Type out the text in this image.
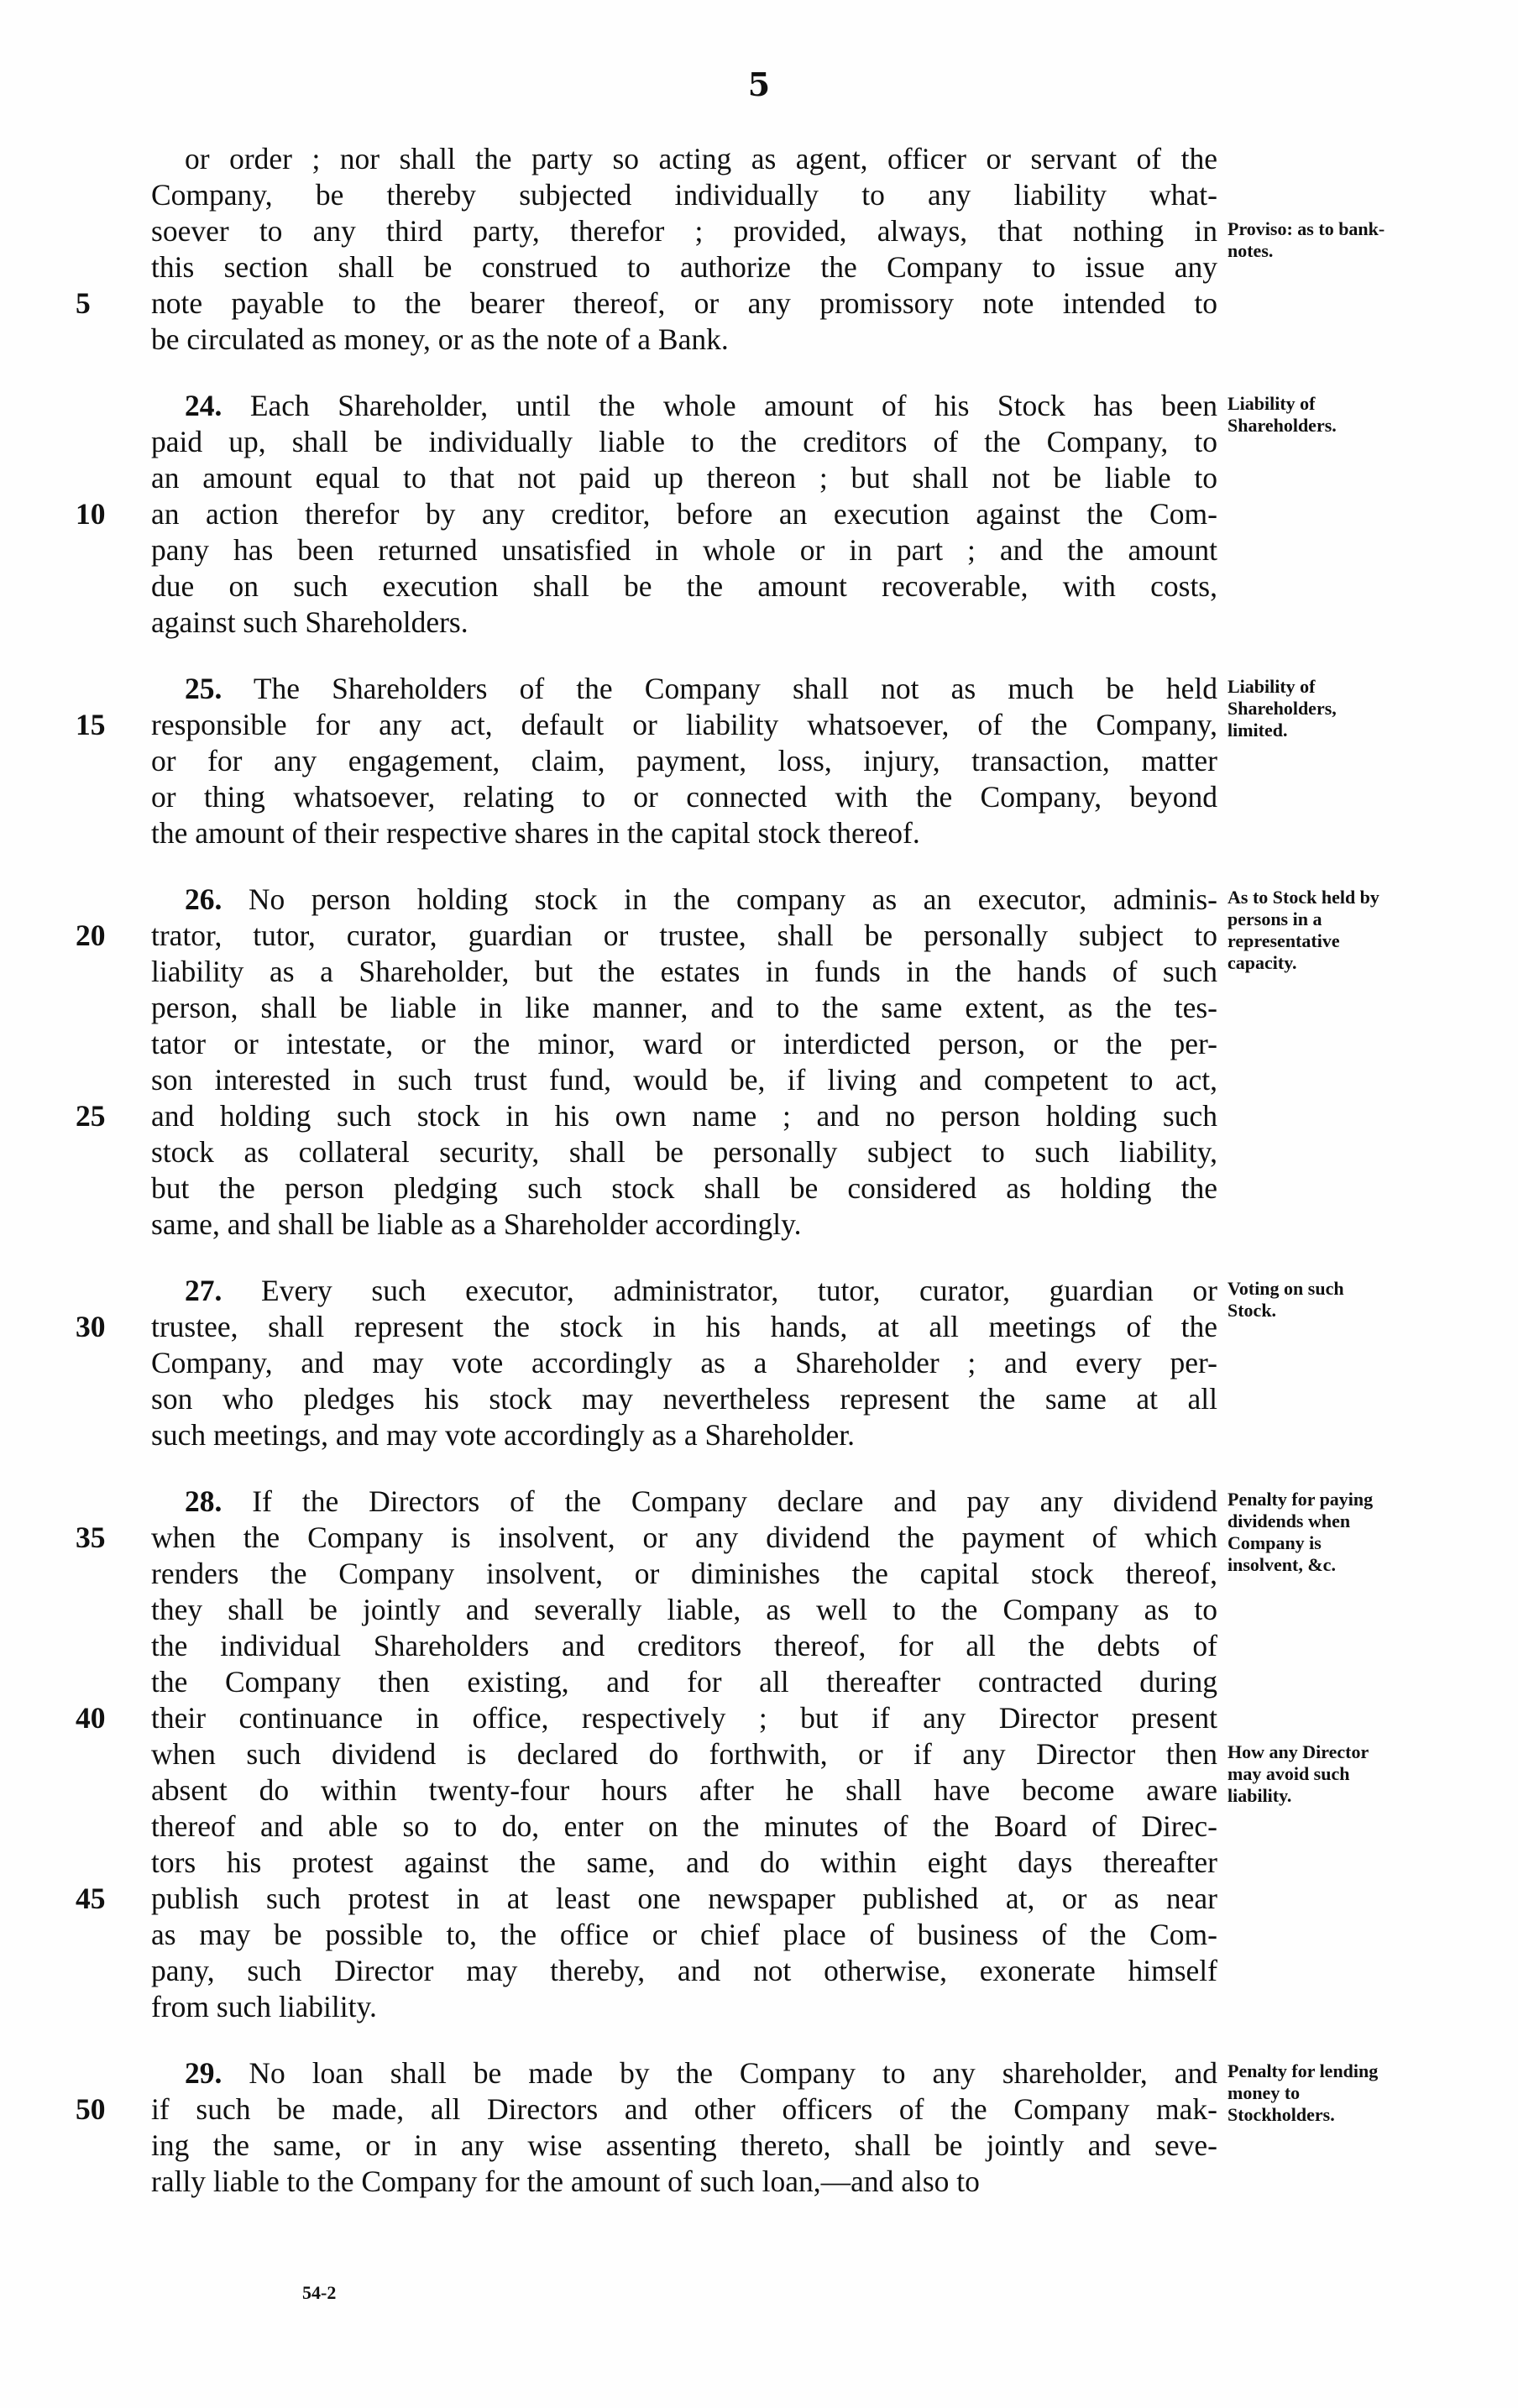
5
or order ; nor shall the party so acting as agent, officer or servant of the
Company, be thereby subjected individually to any liability what-
soever to any third party, therefor ; provided, always, that nothing in
this section shall be construed to authorize the Company to issue any
note payable to the bearer thereof, or any promissory note intended to
5
be circulated as money, or as the note of a Bank.
Proviso: as to bank-notes.
24. Each Shareholder, until the whole amount of his Stock has been
paid up, shall be individually liable to the creditors of the Company, to
an amount equal to that not paid up thereon ; but shall not be liable to
an action therefor by any creditor, before an execution against the Com-
10
pany has been returned unsatisfied in whole or in part ; and the amount
due on such execution shall be the amount recoverable, with costs,
against such Shareholders.
Liability of Shareholders.
25. The Shareholders of the Company shall not as much be held
responsible for any act, default or liability whatsoever, of the Company,
15
or for any engagement, claim, payment, loss, injury, transaction, matter
or thing whatsoever, relating to or connected with the Company, beyond
the amount of their respective shares in the capital stock thereof.
Liability of Shareholders, limited.
26. No person holding stock in the company as an executor, adminis-
trator, tutor, curator, guardian or trustee, shall be personally subject to
20
liability as a Shareholder, but the estates in funds in the hands of such
person, shall be liable in like manner, and to the same extent, as the tes-
tator or intestate, or the minor, ward or interdicted person, or the per-
son interested in such trust fund, would be, if living and competent to act,
and holding such stock in his own name ; and no person holding such
25
stock as collateral security, shall be personally subject to such liability,
but the person pledging such stock shall be considered as holding the
same, and shall be liable as a Shareholder accordingly.
As to Stock held by persons in a representative capacity.
27. Every such executor, administrator, tutor, curator, guardian or
trustee, shall represent the stock in his hands, at all meetings of the
30
Company, and may vote accordingly as a Shareholder ; and every per-
son who pledges his stock may nevertheless represent the same at all
such meetings, and may vote accordingly as a Shareholder.
Voting on such Stock.
28. If the Directors of the Company declare and pay any dividend
when the Company is insolvent, or any dividend the payment of which
35
renders the Company insolvent, or diminishes the capital stock thereof,
they shall be jointly and severally liable, as well to the Company as to
the individual Shareholders and creditors thereof, for all the debts of
the Company then existing, and for all thereafter contracted during
their continuance in office, respectively ; but if any Director present
40
when such dividend is declared do forthwith, or if any Director then
absent do within twenty-four hours after he shall have become aware
thereof and able so to do, enter on the minutes of the Board of Direc-
tors his protest against the same, and do within eight days thereafter
publish such protest in at least one newspaper published at, or as near
45
as may be possible to, the office or chief place of business of the Com-
pany, such Director may thereby, and not otherwise, exonerate himself
from such liability.
Penalty for paying dividends when Company is insolvent, &c.
How any Director may avoid such liability.
29. No loan shall be made by the Company to any shareholder, and
if such be made, all Directors and other officers of the Company mak-
50
ing the same, or in any wise assenting thereto, shall be jointly and seve-
rally liable to the Company for the amount of such loan,—and also to
Penalty for lending money to Stockholders.
54-2
